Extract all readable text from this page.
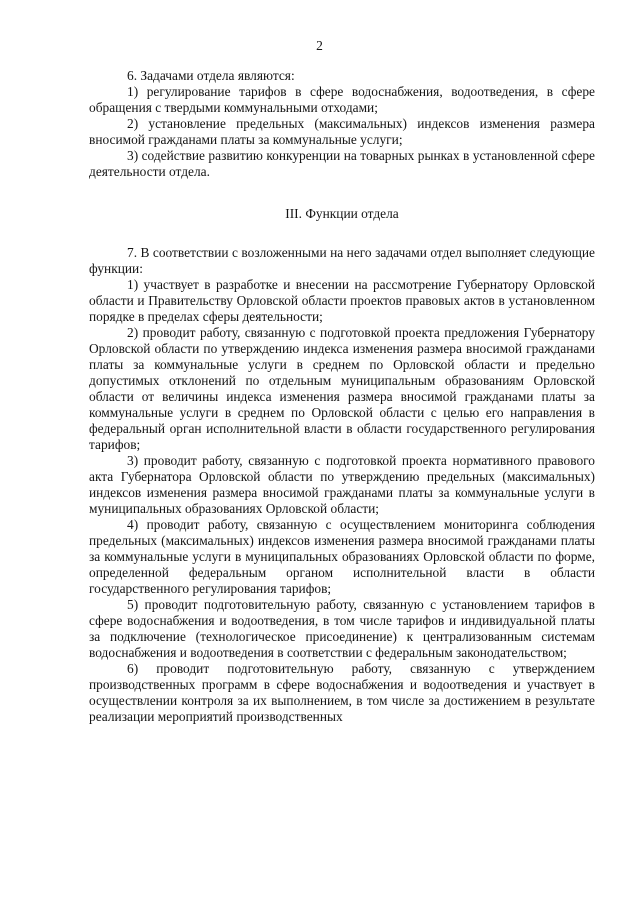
2

6. Задачами отдела являются:

1) регулирование тарифов в сфере водоснабжения, водоотведения, в сфере обращения с твердыми коммунальными отходами;

2) установление предельных (максимальных) индексов изменения размера вносимой гражданами платы за коммунальные услуги;

3) содействие развитию конкуренции на товарных рынках в установленной сфере деятельности отдела.

III. Функции отдела

7. В соответствии с возложенными на него задачами отдел выполняет следующие функции:

1) участвует в разработке и внесении на рассмотрение Губернатору Орловской области и Правительству Орловской области проектов правовых актов в установленном порядке в пределах сферы деятельности;

2) проводит работу, связанную с подготовкой проекта предложения Губернатору Орловской области по утверждению индекса изменения размера вносимой гражданами платы за коммунальные услуги в среднем по Орловской области и предельно допустимых отклонений по отдельным муниципальным образованиям Орловской области от величины индекса изменения размера вносимой гражданами платы за коммунальные услуги в среднем по Орловской области с целью его направления в федеральный орган исполнительной власти в области государственного регулирования тарифов;

3) проводит работу, связанную с подготовкой проекта нормативного правового акта Губернатора Орловской области по утверждению предельных (максимальных) индексов изменения размера вносимой гражданами платы за коммунальные услуги в муниципальных образованиях Орловской области;

4) проводит работу, связанную с осуществлением мониторинга соблюдения предельных (максимальных) индексов изменения размера вносимой гражданами платы за коммунальные услуги в муниципальных образованиях Орловской области по форме, определенной федеральным органом исполнительной власти в области государственного регулирования тарифов;

5) проводит подготовительную работу, связанную с установлением тарифов в сфере водоснабжения и водоотведения, в том числе тарифов и индивидуальной платы за подключение (технологическое присоединение) к централизованным системам водоснабжения и водоотведения в соответствии с федеральным законодательством;

6) проводит подготовительную работу, связанную с утверждением производственных программ в сфере водоснабжения и водоотведения и участвует в осуществлении контроля за их выполнением, в том числе за достижением в результате реализации мероприятий производственных
